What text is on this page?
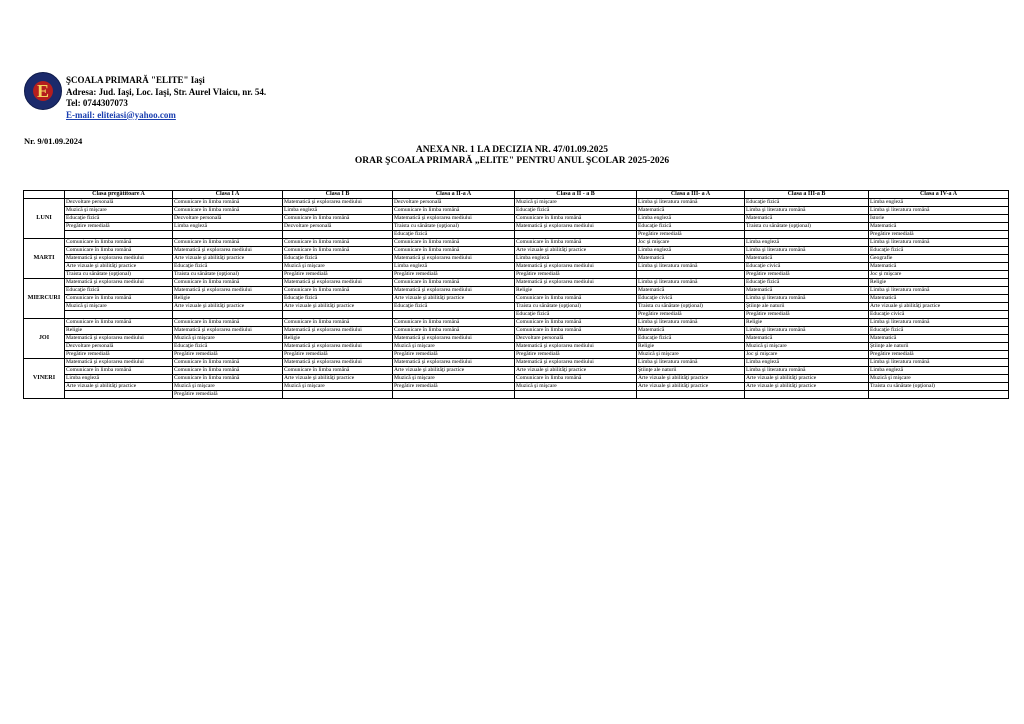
E
ŞCOALA PRIMARĂ "ELITE" Iaşi
Adresa: Jud. Iaşi, Loc. Iaşi, Str. Aurel Vlaicu, nr. 54.
Tel: 0744307073
E-mail: eliteiasi@yahoo.com
Nr. 9/01.09.2024
ANEXA NR. 1 LA DECIZIA NR. 47/01.09.2025
ORAR ŞCOALA PRIMARĂ „ELITE" PENTRU ANUL ŞCOLAR 2025-2026
	Clasa pregătitoare A	Clasa I A	Clasa I B	Clasa a II-a A	Clasa a II - a B	Clasa a III- a A	Clasa a III-a B	Clasa a IV-a A
LUNI	Dezvoltare personală	Comunicare în limba română	Matematică şi explorarea mediului	Dezvoltare personală	Muzică şi mişcare	Limba şi literatura română	Educaţie fizică	Limba engleză
	Muzică şi mişcare	Comunicare în limba română	Limba engleză	Comunicare în limba română	Educaţie fizică	Matematică	Limba şi literatura română	Limba şi literatura română
	Educaţie fizică	Dezvoltare personală	Comunicare în limba română	Matematică şi explorarea mediului	Comunicare în limba română	Limba engleză	Matematică	Istorie
	Pregătire remedială	Limba engleză	Dezvoltare personală	Traista cu sănătate (opţional)	Matematică şi explorarea mediului	Educaţie fizică	Traista cu sănătate (opţional)	Matematică
				Educaţie fizică		Pregătire remedială		Pregătire remedială
MARTI	Comunicare în limba română	Comunicare în limba română	Comunicare în limba română	Comunicare în limba română	Comunicare în limba română	Joc şi mişcare	Limba engleză	Limba şi literatura română
	Comunicare în limba română	Matematică şi explorarea mediului	Comunicare în limba română	Comunicare în limba română	Arte vizuale şi abilităţi practice	Limba engleză	Limba şi literatura română	Educaţie fizică
	Matematică şi explorarea mediului	Arte vizuale şi abilităţi practice	Educaţie fizică	Matematică şi explorarea mediului	Limba engleză	Matematică	Matematică	Geografie
	Arte vizuale şi abilităţi practice	Educaţie fizică	Muzică şi mişcare	Limba engleză	Matematică şi explorarea mediului	Limba şi literatura română	Educaţie civică	Matematică
	Traista cu sănătate (opţional)	Traista cu sănătate (opţional)	Pregătire remedială	Pregătire remedială	Pregătire remedială		Pregătire remedială	Joc şi mişcare
MIERCURI	Matematică şi explorarea mediului	Comunicare în limba română	Matematică şi explorarea mediului	Comunicare în limba română	Matematică şi explorarea mediului	Limba şi literatura română	Educaţie fizică	Religie
	Educaţie fizică	Matematică şi explorarea mediului	Comunicare în limba română	Matematică şi explorarea mediului	Religie	Matematică	Matematică	Limba şi literatura română
	Comunicare în limba română	Religie	Educaţie fizică	Arte vizuale şi abilităţi practice	Comunicare în limba română	Educaţie civică	Limba şi literatura română	Matematică
	Muzică şi mişcare	Arte vizuale şi abilităţi practice	Arte vizuale şi abilităţi practice	Educaţie fizică	Traista cu sănătate (opţional)	Traista cu sănătate (opţional)	Ştiinţe ale naturii	Arte vizuale şi abilităţi practice
					Educaţie fizică	Pregătire remedială	Pregătire remedială	Educaţie civică
JOI	Comunicare în limba română	Comunicare în limba română	Comunicare în limba română	Comunicare în limba română	Comunicare în limba română	Limba şi literatura română	Religie	Limba şi literatura română
	Religie	Matematică şi explorarea mediului	Matematică şi explorarea mediului	Comunicare în limba română	Comunicare în limba română	Matematică	Limba şi literatura română	Educaţie fizică
	Matematică şi explorarea mediului	Muzică şi mişcare	Religie	Matematică şi explorarea mediului	Dezvoltare personală	Educaţie fizică	Matematică	Matematică
	Dezvoltare personală	Educaţie fizică	Matematică şi explorarea mediului	Muzică şi mişcare	Matematică şi explorarea mediului	Religie	Muzică şi mişcare	Ştiinţe ale naturii
	Pregătire remedială	Pregătire remedială	Pregătire remedială	Pregătire remedială	Pregătire remedială	Muzică şi mişcare	Joc şi mişcare	Pregătire remedială
VINERI	Matematică şi explorarea mediului	Comunicare în limba română	Matematică şi explorarea mediului	Matematică şi explorarea mediului	Matematică şi explorarea mediului	Limba şi literatura română	Limba engleză	Limba şi literatura română
	Comunicare în limba română	Comunicare în limba română	Comunicare în limba română	Arte vizuale şi abilităţi practice	Arte vizuale şi abilităţi practice	Ştiinţe ale naturii	Limba şi literatura română	Limba engleză
	Limba engleză	Comunicare în limba română	Arte vizuale şi abilităţi practice	Muzică şi mişcare	Comunicare în limba română	Arte vizuale şi abilităţi practice	Arte vizuale şi abilităţi practice	Muzică şi mişcare
	Arte vizuale şi abilităţi practice	Muzică şi mişcare	Muzică şi mişcare	Pregătire remedială	Muzică şi mişcare	Arte vizuale şi abilităţi practice	Arte vizuale şi abilităţi practice	Traista cu sănătate (opţional)
		Pregătire remedială						
